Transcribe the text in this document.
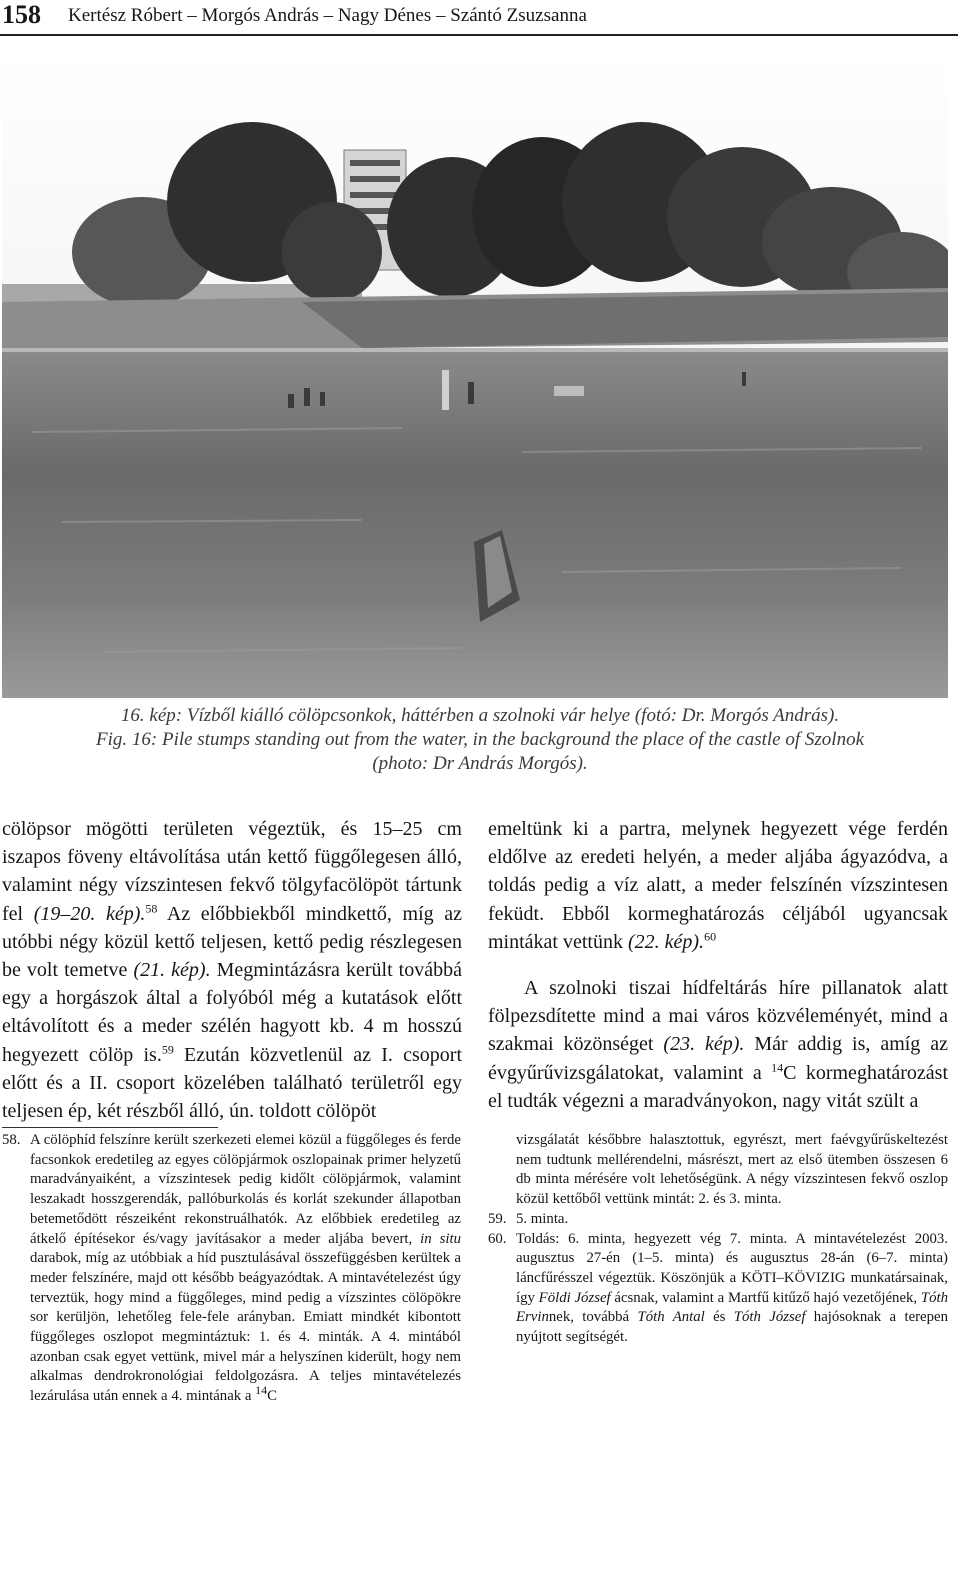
158 Kertész Róbert – Morgós András – Nagy Dénes – Szántó Zsuzsanna
16. kép: Vízből kiálló cölöpcsonkok, háttérben a szolnoki vár helye (fotó: Dr. Morgós András).
Fig. 16: Pile stumps standing out from the water, in the background the place of the castle of Szolnok
(photo: Dr András Morgós).

cölöpsor mögötti területen végeztük, és 15–25 cm iszapos föveny eltávolítása után kettő függőlegesen álló, valamint négy vízszintesen fekvő tölgyfacölöpöt tártunk fel (19–20. kép).$^{58}$ Az előbbiekből mindkettő, míg az utóbbi négy közül kettő teljesen, kettő pedig részlegesen be volt temetve (21. kép). Megmintázásra került továbbá egy a horgászok által a folyóból még a kutatások előtt eltávolított és a meder szélén hagyott kb. 4 m hosszú hegyezett cölöp is.$^{59}$ Ezután közvetlenül az I. csoport előtt és a II. csoport közelében található területről egy teljesen ép, két részből álló, ún. toldott cölöpöt

emeltünk ki a partra, melynek hegyezett vége ferdén eldőlve az eredeti helyén, a meder aljába ágyazódva, a toldás pedig a víz alatt, a meder felszínén vízszintesen feküdt. Ebből kormeghatározás céljából ugyancsak mintákat vettünk (22. kép).$^{60}$

A szolnoki tiszai hídfeltárás híre pillanatok alatt fölpezsdítette mind a mai város közvéleményét, mind a szakmai közönséget (23. kép). Már addig is, amíg az évgyűrűvizsgálatokat, valamint a $^{14}$C kormeghatározást el tudták végezni a maradványokon, nagy vitát szült a

58. A cölöphíd felszínre került szerkezeti elemei közül a függőleges és ferde facsonkok eredetileg az egyes cölöpjármok oszlopainak primer helyzetű maradványaiként, a vízszintesek pedig kidőlt cölöpjármok, valamint leszakadt hosszgerendák, pallóburkolás és korlát szekunder állapotban betemetődött részeiként rekonstruálhatók. Az előbbiek eredetileg az átkelő építésekor és/vagy javításakor a meder aljába bevert, in situ darabok, míg az utóbbiak a híd pusztulásával összefüggésben kerültek a meder felszínére, majd ott később beágyazódtak. A mintavételezést úgy terveztük, hogy mind a függőleges, mind pedig a vízszintes cölöpökre sor kerüljön, lehetőleg fele-fele arányban. Emiatt mindkét kibontott függőleges oszlopot megmintáztuk: 1. és 4. minták. A 4. mintából azonban csak egyet vettünk, mivel már a helyszínen kiderült, hogy nem alkalmas dendrokronológiai feldolgozásra. A teljes mintavételezés lezárulása után ennek a 4. mintának a $^{14}$C

vizsgálatát későbbre halasztottuk, egyrészt, mert faévgyűrűskeltezést nem tudtunk mellérendelni, másrészt, mert az első ütemben összesen 6 db minta mérésére volt lehetőségünk. A négy vízszintesen fekvő oszlop közül kettőből vettünk mintát: 2. és 3. minta.

59. 5. minta.

60. Toldás: 6. minta, hegyezett vég 7. minta. A mintavételezést 2003. augusztus 27-én (1–5. minta) és augusztus 28-án (6–7. minta) láncfűrésszel végeztük. Köszönjük a KÖTI–KÖVIZIG munkatársainak, így Földi József ácsnak, valamint a Martfű kitűző hajó vezetőjének, Tóth Ervinnek, továbbá Tóth Antal és Tóth József hajósoknak a terepen nyújtott segítségét.
